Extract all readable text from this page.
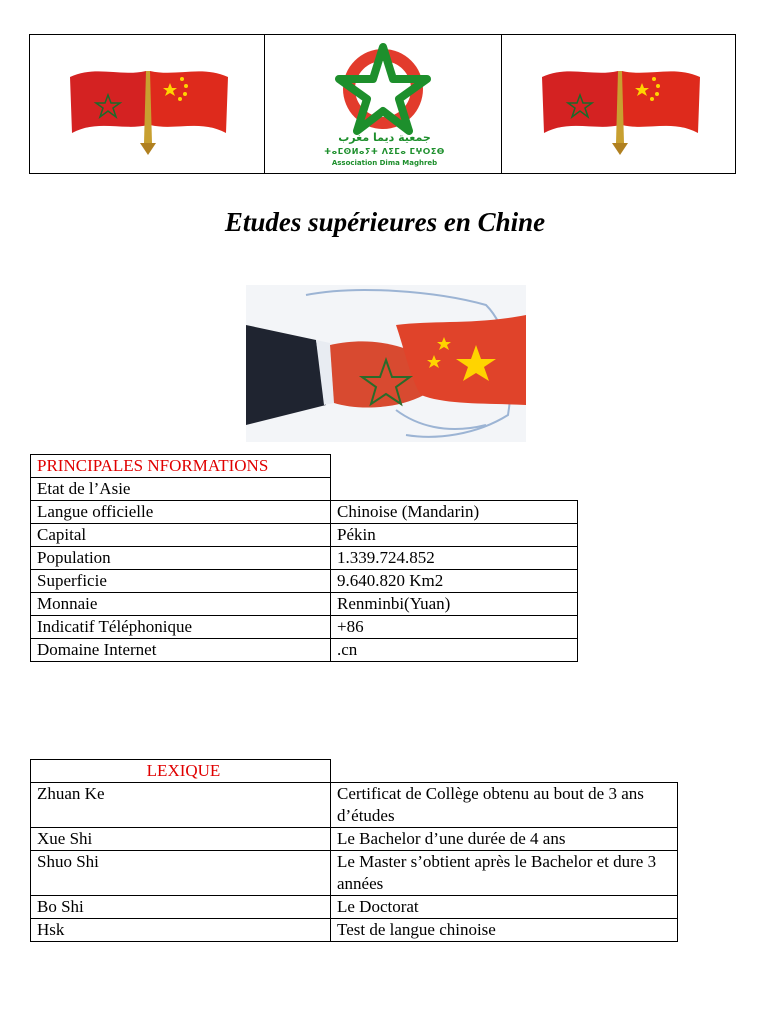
جمعية ديما مغرب
ⵜⴰⵎⵙⵍⴰⵢⵜ ⴷⵉⵎⴰ ⵎⵖⵔⵉⴱ
Association Dima Maghreb
Etudes supérieures en Chine
PRINCIPALES NFORMATIONS	
Etat de l’Asie	
Langue officielle	Chinoise (Mandarin)
Capital	Pékin
Population	1.339.724.852
Superficie	9.640.820 Km2
Monnaie	Renminbi(Yuan)
Indicatif Téléphonique	+86
Domaine Internet	.cn
LEXIQUE	
Zhuan Ke	Certificat de Collège obtenu au bout de 3 ans d’études
Xue Shi	Le Bachelor d’une durée de 4 ans
Shuo Shi	Le Master s’obtient après le Bachelor et dure 3 années
Bo Shi	Le Doctorat
Hsk	Test de langue chinoise
